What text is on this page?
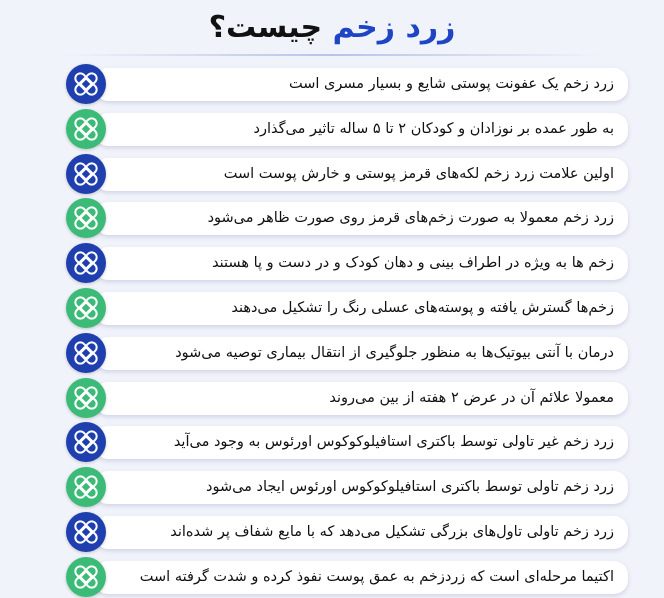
زرد زخم چیست؟
زرد زخم یک عفونت پوستی شایع و بسیار مسری است
به طور عمده بر نوزادان و کودکان ۲ تا ۵ ساله تاثیر می‌گذارد
اولین علامت زرد زخم لکه‌های قرمز پوستی و خارش پوست است
زرد زخم معمولا به صورت زخم‌های قرمز روی صورت ظاهر می‌شود
زخم ها به ویژه در اطراف بینی و دهان کودک و در دست و پا هستند
زخم‌ها گسترش یافته و پوسته‌های عسلی رنگ را تشکیل می‌دهند
درمان با آنتی بیوتیک‌ها به منظور جلوگیری از انتقال بیماری توصیه می‌شود
معمولا علائم آن در عرض ۲ هفته از بین می‌روند
زرد زخم غیر تاولی توسط باکتری استافیلوکوکوس اورئوس به وجود می‌آید
زرد زخم تاولی توسط باکتری استافیلوکوکوس اورئوس ایجاد می‌شود
زرد زخم تاولی تاول‌های بزرگی تشکیل می‌دهد که با مایع شفاف پر شده‌اند
اکتیما مرحله‌ای است که زردزخم به عمق پوست نفوذ کرده و شدت گرفته است
